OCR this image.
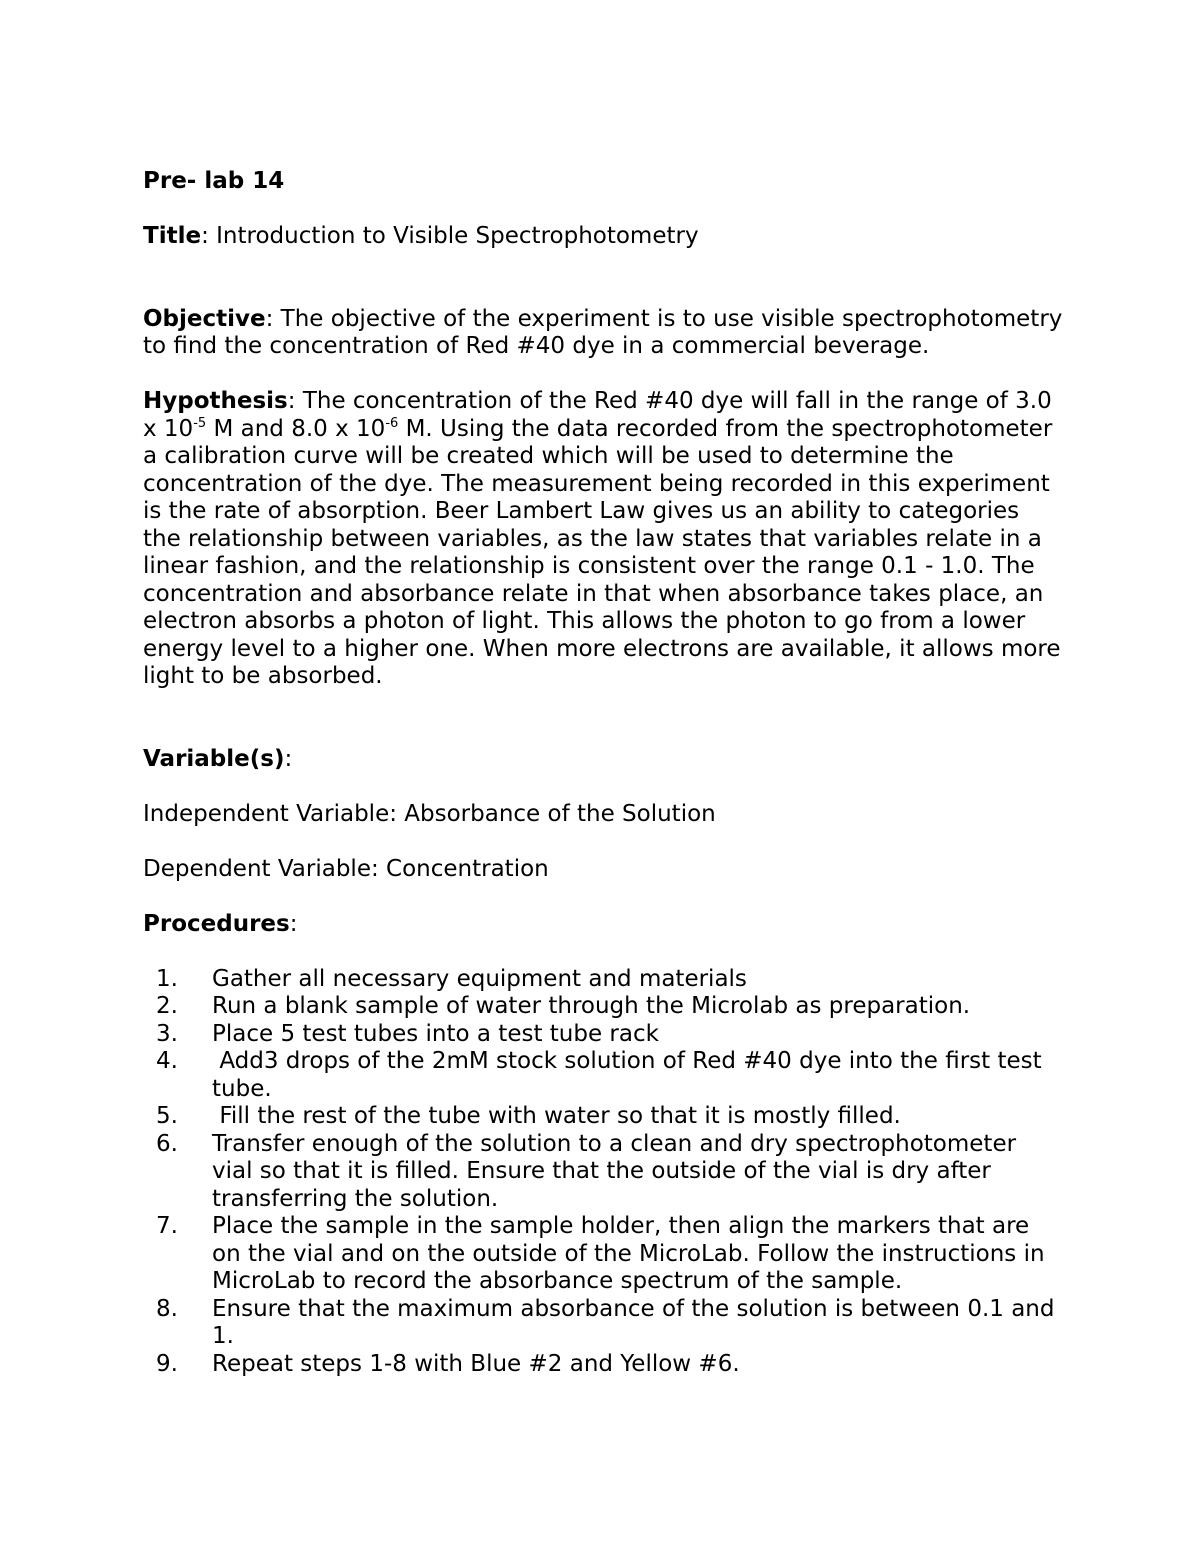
Pre- lab 14

Title: Introduction to Visible Spectrophotometry

Objective: The objective of the experiment is to use visible spectrophotometry to find the concentration of Red #40 dye in a commercial beverage.

Hypothesis: The concentration of the Red #40 dye will fall in the range of 3.0 x $10^{-5}$ M and 8.0 x $10^{-6}$ M. Using the data recorded from the spectrophotometer a calibration curve will be created which will be used to determine the concentration of the dye. The measurement being recorded in this experiment is the rate of absorption. Beer Lambert Law gives us an ability to categories the relationship between variables, as the law states that variables relate in a linear fashion, and the relationship is consistent over the range 0.1 - 1.0. The concentration and absorbance relate in that when absorbance takes place, an electron absorbs a photon of light. This allows the photon to go from a lower energy level to a higher one. When more electrons are available, it allows more light to be absorbed.

Variable(s):

Independent Variable: Absorbance of the Solution

Dependent Variable: Concentration

Procedures:

1.	Gather all necessary equipment and materials
2.	Run a blank sample of water through the Microlab as preparation.
3.	Place 5 test tubes into a test tube rack
4.	Add3 drops of the 2mM stock solution of Red #40 dye into the first test tube.
5.	Fill the rest of the tube with water so that it is mostly filled.
6.	Transfer enough of the solution to a clean and dry spectrophotometer vial so that it is filled. Ensure that the outside of the vial is dry after transferring the solution.
7.	Place the sample in the sample holder, then align the markers that are on the vial and on the outside of the MicroLab. Follow the instructions in MicroLab to record the absorbance spectrum of the sample.
8.	Ensure that the maximum absorbance of the solution is between 0.1 and 1.
9.	Repeat steps 1-8 with Blue #2 and Yellow #6.
